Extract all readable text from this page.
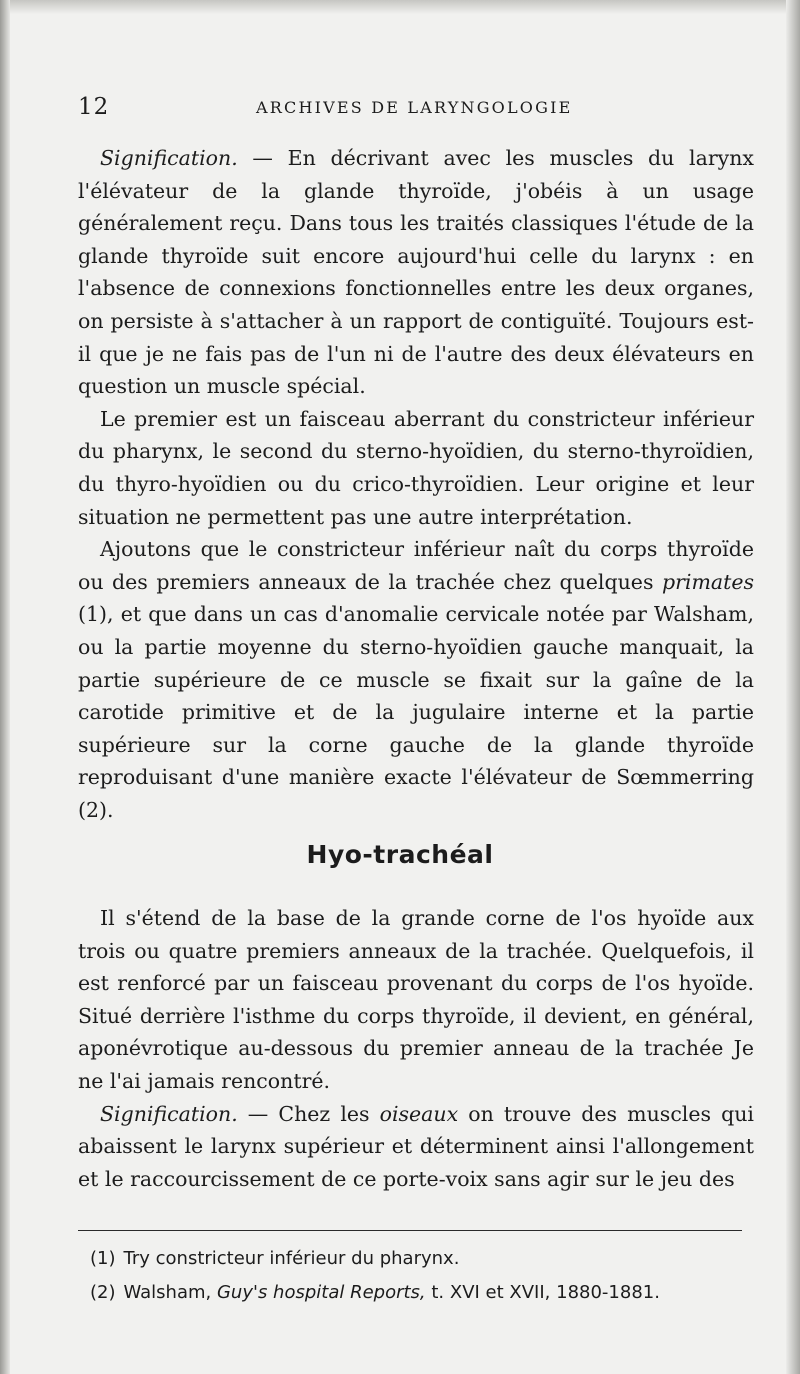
12	ARCHIVES DE LARYNGOLOGIE

Signification. — En décrivant avec les muscles du larynx l'élévateur de la glande thyroïde, j'obéis à un usage généralement reçu. Dans tous les traités classiques l'étude de la glande thyroïde suit encore aujourd'hui celle du larynx : en l'absence de connexions fonctionnelles entre les deux organes, on persiste à s'attacher à un rapport de contiguïté. Toujours est-il que je ne fais pas de l'un ni de l'autre des deux élévateurs en question un muscle spécial.

Le premier est un faisceau aberrant du constricteur inférieur du pharynx, le second du sterno-hyoïdien, du sterno-thyroïdien, du thyro-hyoïdien ou du crico-thyroïdien. Leur origine et leur situation ne permettent pas une autre interprétation.

Ajoutons que le constricteur inférieur naît du corps thyroïde ou des premiers anneaux de la trachée chez quelques primates (1), et que dans un cas d'anomalie cervicale notée par Walsham, ou la partie moyenne du sterno-hyoïdien gauche manquait, la partie supérieure de ce muscle se fixait sur la gaîne de la carotide primitive et de la jugulaire interne et la partie supérieure sur la corne gauche de la glande thyroïde reproduisant d'une manière exacte l'élévateur de Sœmmerring (2).

Hyo-trachéal

Il s'étend de la base de la grande corne de l'os hyoïde aux trois ou quatre premiers anneaux de la trachée. Quelquefois, il est renforcé par un faisceau provenant du corps de l'os hyoïde. Situé derrière l'isthme du corps thyroïde, il devient, en général, aponévrotique au-dessous du premier anneau de la trachée Je ne l'ai jamais rencontré.

Signification. — Chez les oiseaux on trouve des muscles qui abaissent le larynx supérieur et déterminent ainsi l'allongement et le raccourcissement de ce porte-voix sans agir sur le jeu des

(1) Try constricteur inférieur du pharynx.
(2) Walsham, Guy's hospital Reports, t. XVI et XVII, 1880-1881.
